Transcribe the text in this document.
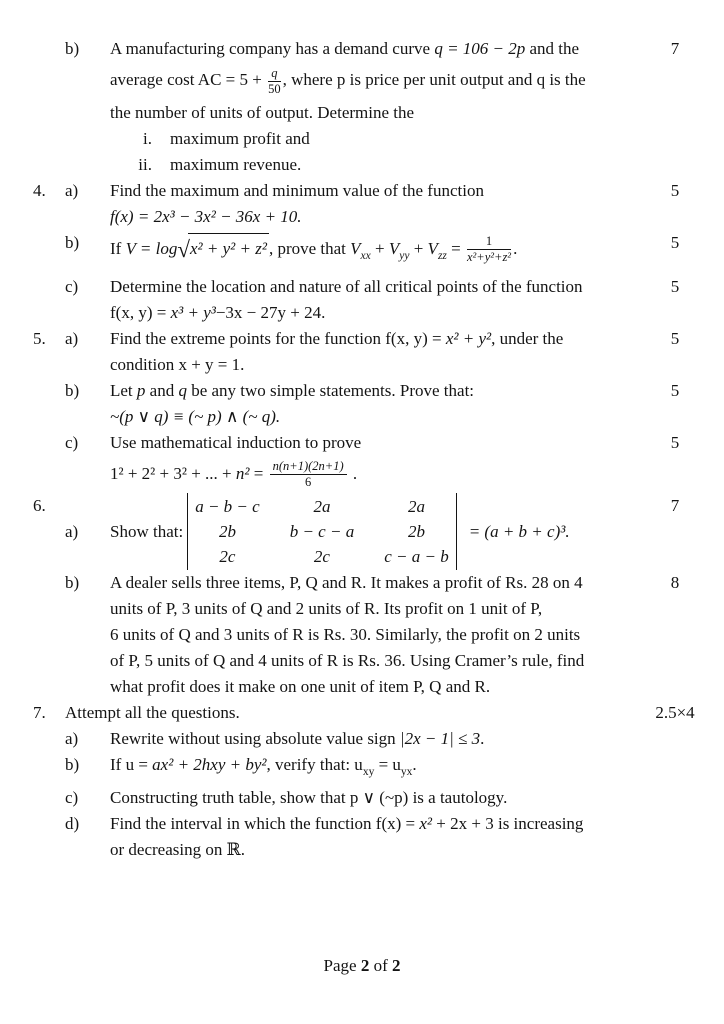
b)	A manufacturing company has a demand curve q = 106 − 2p and the
average cost AC = $5 + \frac{q}{50}$ , where p is price per unit output and q is the
the number of units of output. Determine the
i. maximum profit and
ii. maximum revenue.
7
4.	a)	Find the maximum and minimum value of the function
f(x) = 2x³ − 3x² − 36x + 10.
5
b)	If V = log√x² + y² + z² , prove that $V_{xx} + V_{yy} + V_{zz} = \frac{1}{\text{x²+y²+z²}}$ .	5
c)	Determine the location and nature of all critical points of the function
f(x, y) = x³ + y³−3x − 27y + 24.
5
5.	a)	Find the extreme points for the function f(x, y) = x² + y², under the
condition x + y = 1.
5
b)	Let p and q be any two simple statements. Prove that:
~(p ∨ q) ≡ (~ p) ∧ (~ q).
5
c)	Use mathematical induction to prove
1² + 2² + 3² + ... + $n^2 = \frac{n(n+1)(2n+1)}{6}$ .
5
6.
a)	Show that:
a − b − c	2a	2a
2b	b − c − a	2b
2c	2c	c − a − b
= (a + b + c)³.
7
b)	A dealer sells three items, P, Q and R. It makes a profit of Rs. 28 on 4
units of P, 3 units of Q and 2 units of R. Its profit on 1 unit of P,
6 units of Q and 3 units of R is Rs. 30. Similarly, the profit on 2 units
of P, 5 units of Q and 4 units of R is Rs. 36. Using Cramer’s rule, find
what profit does it make on one unit of item P, Q and R.
8
7.	Attempt all the questions.	2.5×4
a)	Rewrite without using absolute value sign |2x − 1| ≤ 3.
b)	If u = ax² + 2hxy + by², verify that: $u_{xy} = u_{yx}$.
c)	Constructing truth table, show that p ∨ (~p) is a tautology.
d)	Find the interval in which the function f(x) = x² + 2x + 3 is increasing
or decreasing on ℝ.
Page 2 of 2
